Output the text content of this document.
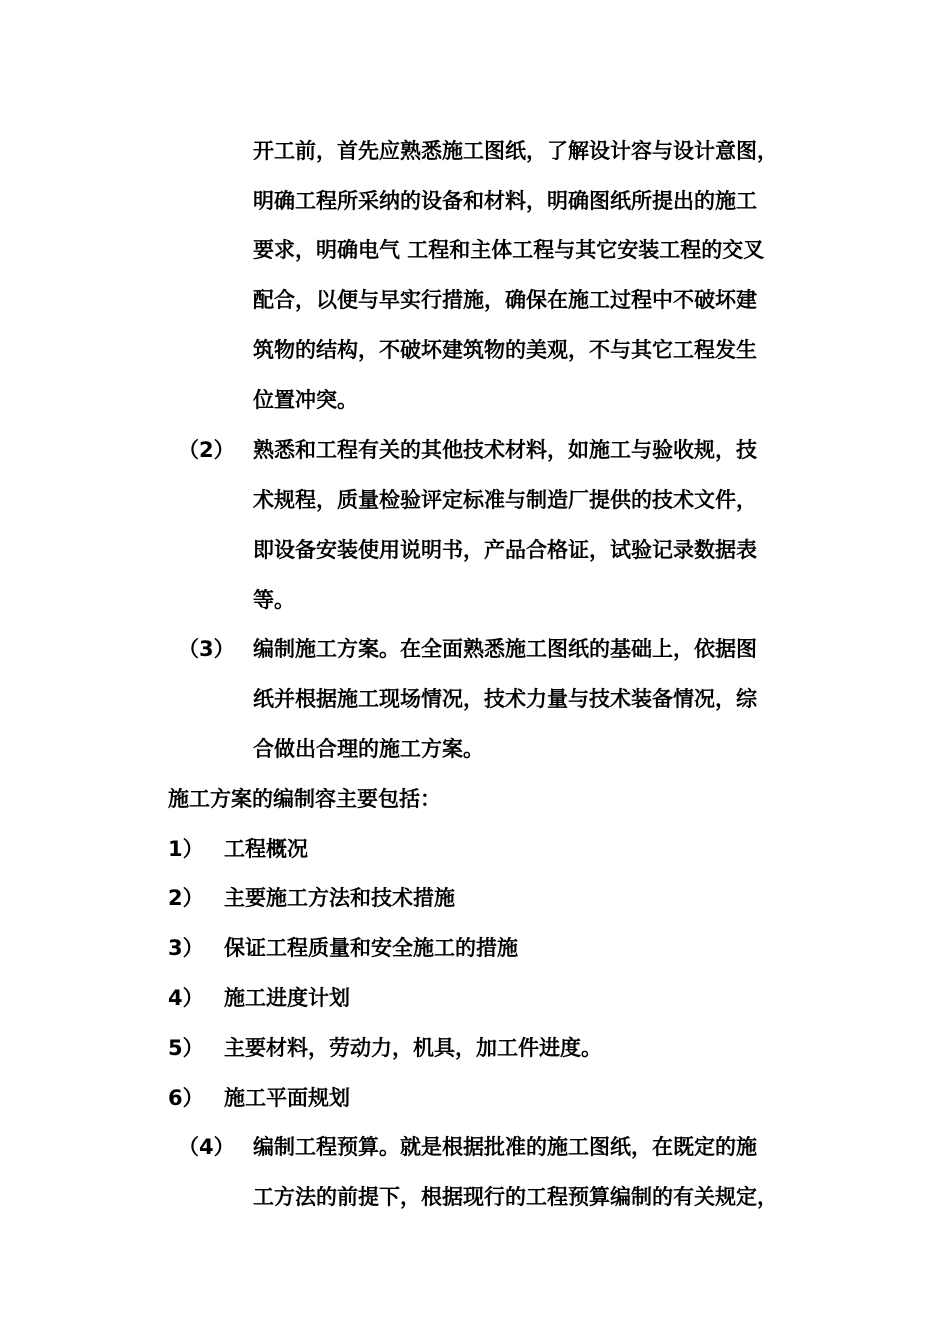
开工前，首先应熟悉施工图纸，了解设计容与设计意图，
明确工程所采纳的设备和材料，明确图纸所提出的施工
要求，明确电气 工程和主体工程与其它安装工程的交叉
配合，以便与早实行措施，确保在施工过程中不破坏建
筑物的结构，不破坏建筑物的美观，不与其它工程发生
位置冲突。
（2） 熟悉和工程有关的其他技术材料，如施工与验收规，技
术规程，质量检验评定标准与制造厂提供的技术文件，
即设备安装使用说明书，产品合格证，试验记录数据表
等。
（3） 编制施工方案。在全面熟悉施工图纸的基础上，依据图
纸并根据施工现场情况，技术力量与技术装备情况，综
合做出合理的施工方案。
施工方案的编制容主要包括：
1） 工程概况
2） 主要施工方法和技术措施
3） 保证工程质量和安全施工的措施
4） 施工进度计划
5） 主要材料，劳动力，机具，加工件进度。
6） 施工平面规划
（4） 编制工程预算。就是根据批准的施工图纸，在既定的施
工方法的前提下，根据现行的工程预算编制的有关规定，
